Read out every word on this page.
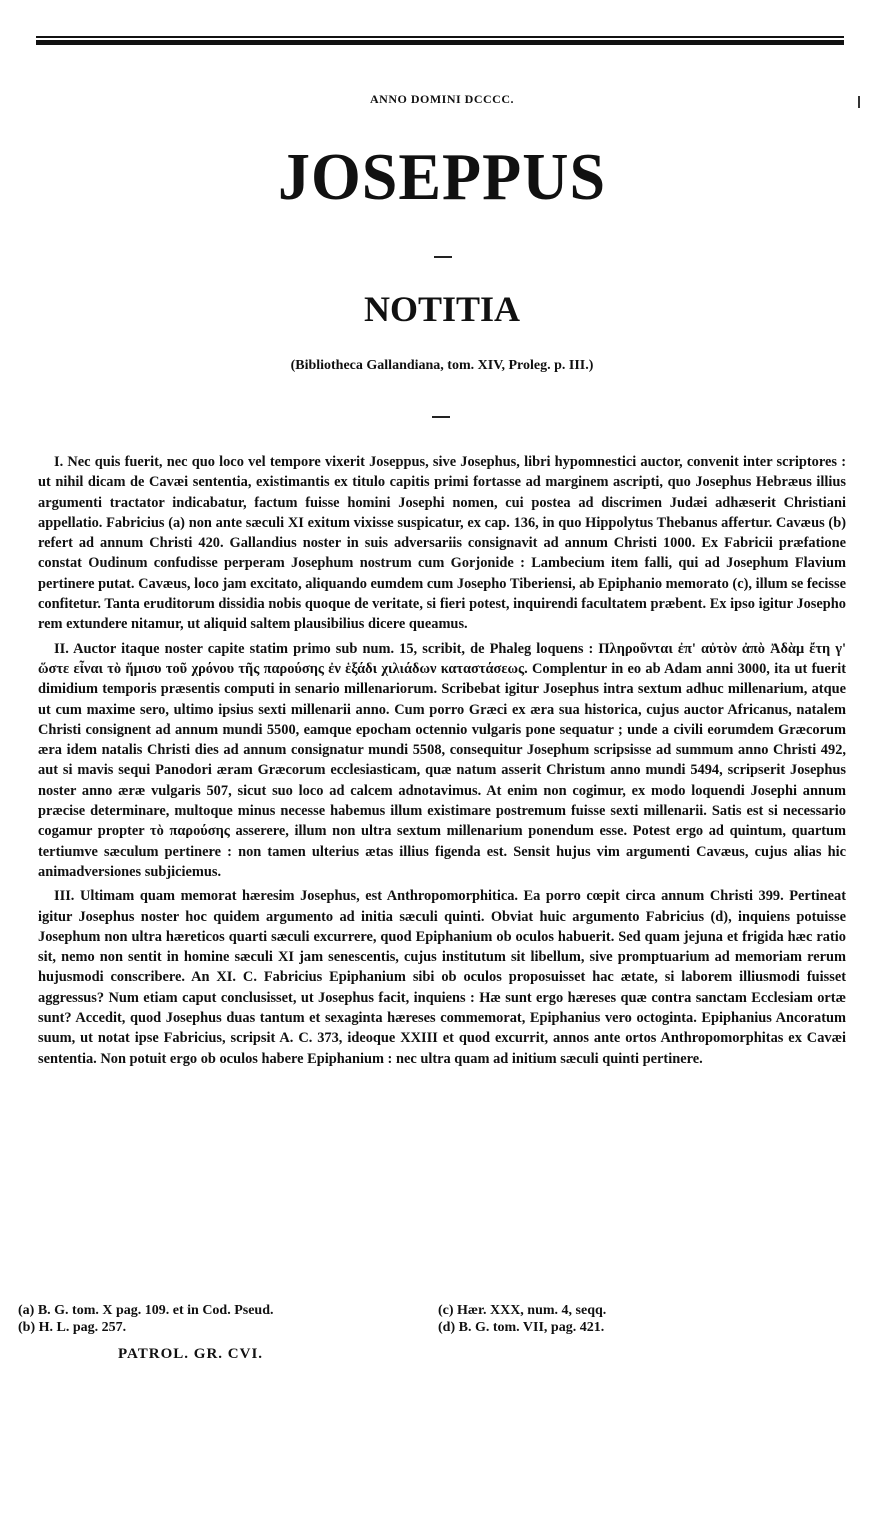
ANNO DOMINI DCCCC.
JOSEPPUS
NOTITIA
(Bibliotheca Gallandiana, tom. XIV, Proleg. p. III.)

I. Nec quis fuerit, nec quo loco vel tempore vixerit Joseppus, sive Josephus, libri hypomnestici auctor, convenit inter scriptores : ut nihil dicam de Cavæi sententia, existimantis ex titulo capitis primi fortasse ad marginem ascripti, quo Josephus Hebræus illius argumenti tractator indicabatur, factum fuisse homini Josephi nomen, cui postea ad discrimen Judæi adhæserit Christiani appellatio. Fabricius (a) non ante sæculi XI exitum vixisse suspicatur, ex cap. 136, in quo Hippolytus Thebanus affertur. Cavæus (b) refert ad annum Christi 420. Gallandius noster in suis adversariis consignavit ad annum Christi 1000. Ex Fabricii præfatione constat Oudinum confudisse perperam Josephum nostrum cum Gorjonide : Lambecium item falli, qui ad Josephum Flavium pertinere putat. Cavæus, loco jam excitato, aliquando eumdem cum Josepho Tiberiensi, ab Epiphanio memorato (c), illum se fecisse confitetur. Tanta eruditorum dissidia nobis quoque de veritate, si fieri potest, inquirendi facultatem præbent. Ex ipso igitur Josepho rem extundere nitamur, ut aliquid saltem plausibilius dicere queamus.

II. Auctor itaque noster capite statim primo sub num. 15, scribit, de Phaleg loquens : Πληροῦνται ἐπ' αὐτὸν ἀπὸ Ἀδὰμ ἔτη γ' ὥστε εἶναι τὸ ἥμισυ τοῦ χρόνου τῆς παρούσης ἐν ἑξάδι χιλιάδων καταστάσεως. Complentur in eo ab Adam anni 3000, ita ut fuerit dimidium temporis præsentis computi in senario millenariorum. Scribebat igitur Josephus intra sextum adhuc millenarium, atque ut cum maxime sero, ultimo ipsius sexti millenarii anno. Cum porro Græci ex æra sua historica, cujus auctor Africanus, natalem Christi consignent ad annum mundi 5500, eamque epocham octennio vulgaris pone sequatur ; unde a civili eorumdem Græcorum æra idem natalis Christi dies ad annum consignatur mundi 5508, consequitur Josephum scripsisse ad summum anno Christi 492, aut si mavis sequi Panodori æram Græcorum ecclesiasticam, quæ natum asserit Christum anno mundi 5494, scripserit Josephus noster anno æræ vulgaris 507, sicut suo loco ad calcem adnotavimus. At enim non cogimur, ex modo loquendi Josephi annum præcise determinare, multoque minus necesse habemus illum existimare postremum fuisse sexti millenarii. Satis est si necessario cogamur propter τὸ παρούσης asserere, illum non ultra sextum millenarium ponendum esse. Potest ergo ad quintum, quartum tertiumve sæculum pertinere : non tamen ulterius ætas illius figenda est. Sensit hujus vim argumenti Cavæus, cujus alias hic animadversiones subjiciemus.

III. Ultimam quam memorat hæresim Josephus, est Anthropomorphitica. Ea porro cœpit circa annum Christi 399. Pertineat igitur Josephus noster hoc quidem argumento ad initia sæculi quinti. Obviat huic argumento Fabricius (d), inquiens potuisse Josephum non ultra hæreticos quarti sæculi excurrere, quod Epiphanium ob oculos habuerit. Sed quam jejuna et frigida hæc ratio sit, nemo non sentit in homine sæculi XI jam senescentis, cujus institutum sit libellum, sive promptuarium ad memoriam rerum hujusmodi conscribere. An XI. C. Fabricius Epiphanium sibi ob oculos proposuisset hac ætate, si laborem illiusmodi fuisset aggressus? Num etiam caput conclusisset, ut Josephus facit, inquiens : Hæ sunt ergo hæreses quæ contra sanctam Ecclesiam ortæ sunt? Accedit, quod Josephus duas tantum et sexaginta hæreses commemorat, Epiphanius vero octoginta. Epiphanius Ancoratum suum, ut notat ipse Fabricius, scripsit A. C. 373, ideoque XXIII et quod excurrit, annos ante ortos Anthropomorphitas ex Cavæi sententia. Non potuit ergo ob oculos habere Epiphanium : nec ultra quam ad initium sæculi quinti pertinere.

(a) B. G. tom. X pag. 109. et in Cod. Pseud.
(b) H. L. pag. 257.
(c) Hær. XXX, num. 4, seqq.
(d) B. G. tom. VII, pag. 421.
PATROL. GR. CVI.
